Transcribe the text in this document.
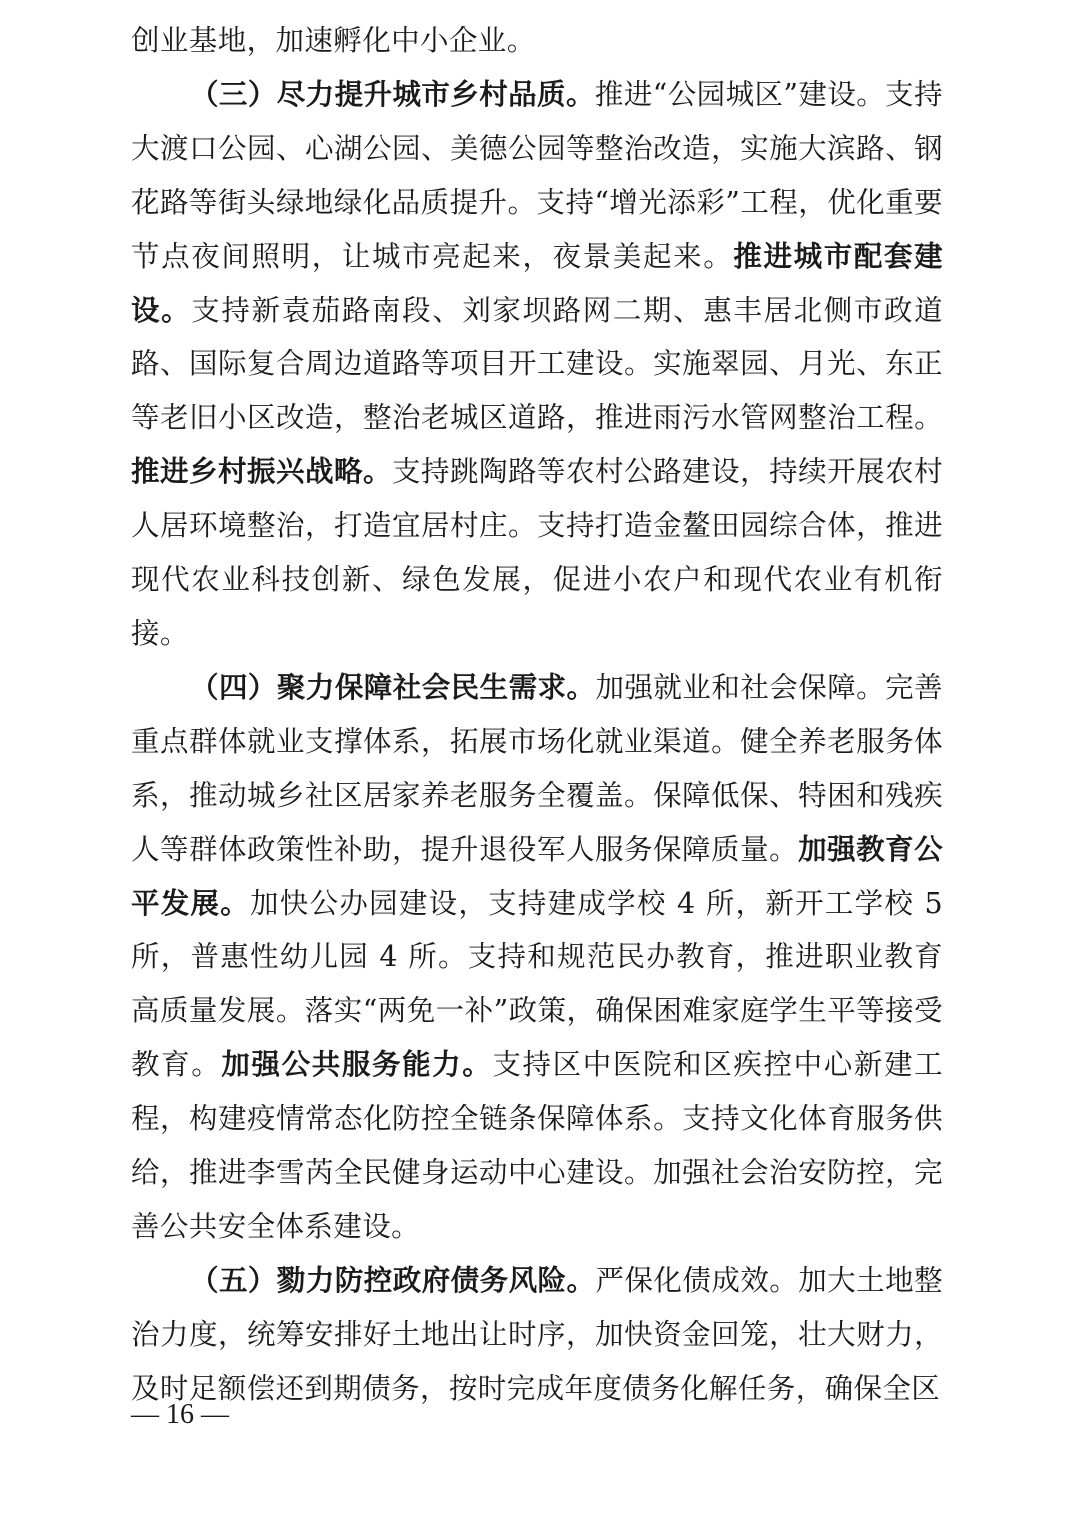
创业基地，加速孵化中小企业。

（三）尽力提升城市乡村品质。推进“公园城区”建设。支持大渡口公园、心湖公园、美德公园等整治改造，实施大滨路、钢花路等街头绿地绿化品质提升。支持“增光添彩”工程，优化重要节点夜间照明，让城市亮起来，夜景美起来。推进城市配套建设。支持新袁茄路南段、刘家坝路网二期、惠丰居北侧市政道路、国际复合周边道路等项目开工建设。实施翠园、月光、东正等老旧小区改造，整治老城区道路，推进雨污水管网整治工程。推进乡村振兴战略。支持跳陶路等农村公路建设，持续开展农村人居环境整治，打造宜居村庄。支持打造金鳌田园综合体，推进现代农业科技创新、绿色发展，促进小农户和现代农业有机衔接。

（四）聚力保障社会民生需求。加强就业和社会保障。完善重点群体就业支撑体系，拓展市场化就业渠道。健全养老服务体系，推动城乡社区居家养老服务全覆盖。保障低保、特困和残疾人等群体政策性补助，提升退役军人服务保障质量。加强教育公平发展。加快公办园建设，支持建成学校 4 所，新开工学校 5 所，普惠性幼儿园 4 所。支持和规范民办教育，推进职业教育高质量发展。落实“两免一补”政策，确保困难家庭学生平等接受教育。加强公共服务能力。支持区中医院和区疾控中心新建工程，构建疫情常态化防控全链条保障体系。支持文化体育服务供给，推进李雪芮全民健身运动中心建设。加强社会治安防控，完善公共安全体系建设。

（五）勠力防控政府债务风险。严保化债成效。加大土地整治力度，统筹安排好土地出让时序，加快资金回笼，壮大财力，及时足额偿还到期债务，按时完成年度债务化解任务，确保全区

— 16 —
